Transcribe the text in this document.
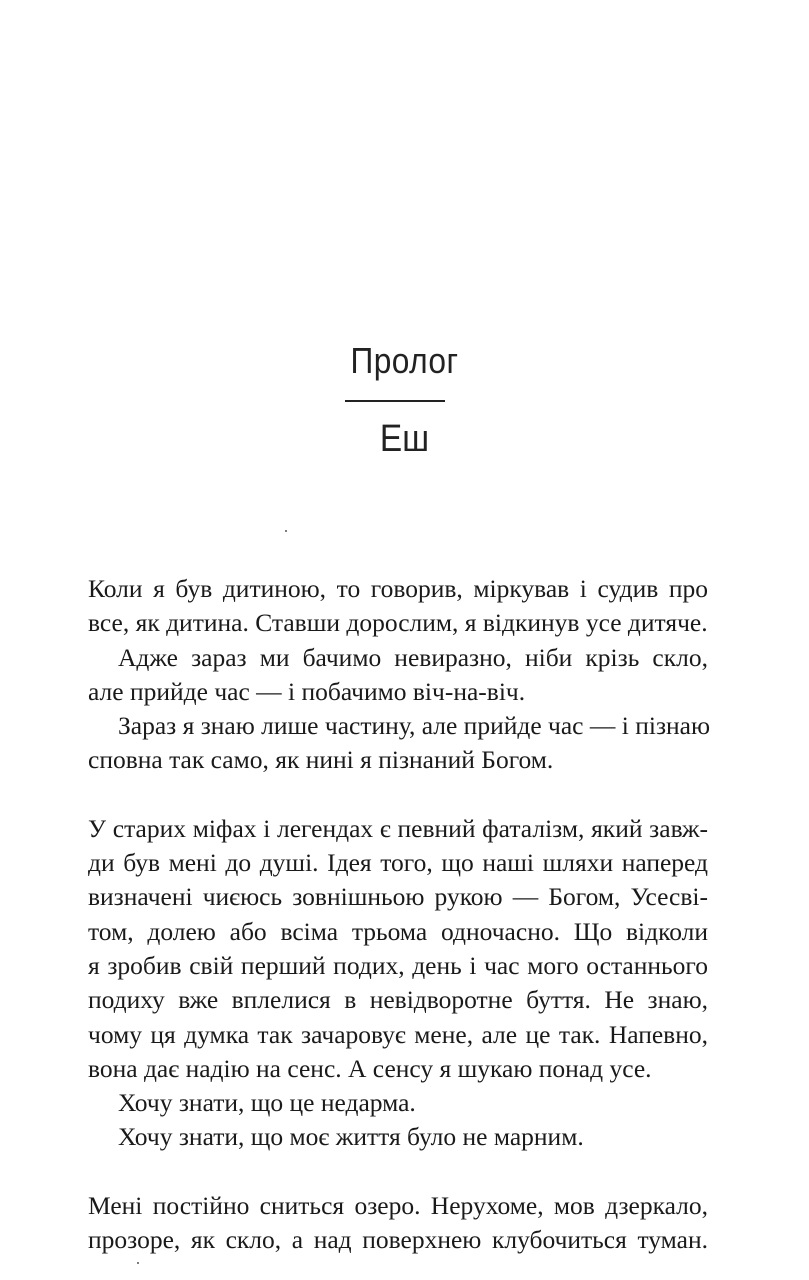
Пролог
Еш

Коли я був дитиною, то говорив, міркував і судив про
все, як дитина. Ставши дорослим, я відкинув усе дитяче.

Адже зараз ми бачимо невиразно, ніби крізь скло,
але прийде час — і побачимо віч-на-віч.

Зараз я знаю лише частину, але прийде час — і пізнаю
сповна так само, як нині я пізнаний Богом.

У старих міфах і легендах є певний фаталізм, який завж-
ди був мені до душі. Ідея того, що наші шляхи наперед
визначені чиєюсь зовнішньою рукою — Богом, Усесві-
том, долею або всіма трьома одночасно. Що відколи
я зробив свій перший подих, день і час мого останнього
подиху вже вплелися в невідворотне буття. Не знаю,
чому ця думка так зачаровує мене, але це так. Напевно,
вона дає надію на сенс. А сенсу я шукаю понад усе.

Хочу знати, що це недарма.

Хочу знати, що моє життя було не марним.

Мені постійно сниться озеро. Нерухоме, мов дзеркало,
прозоре, як скло, а над поверхнею клубочиться туман.
